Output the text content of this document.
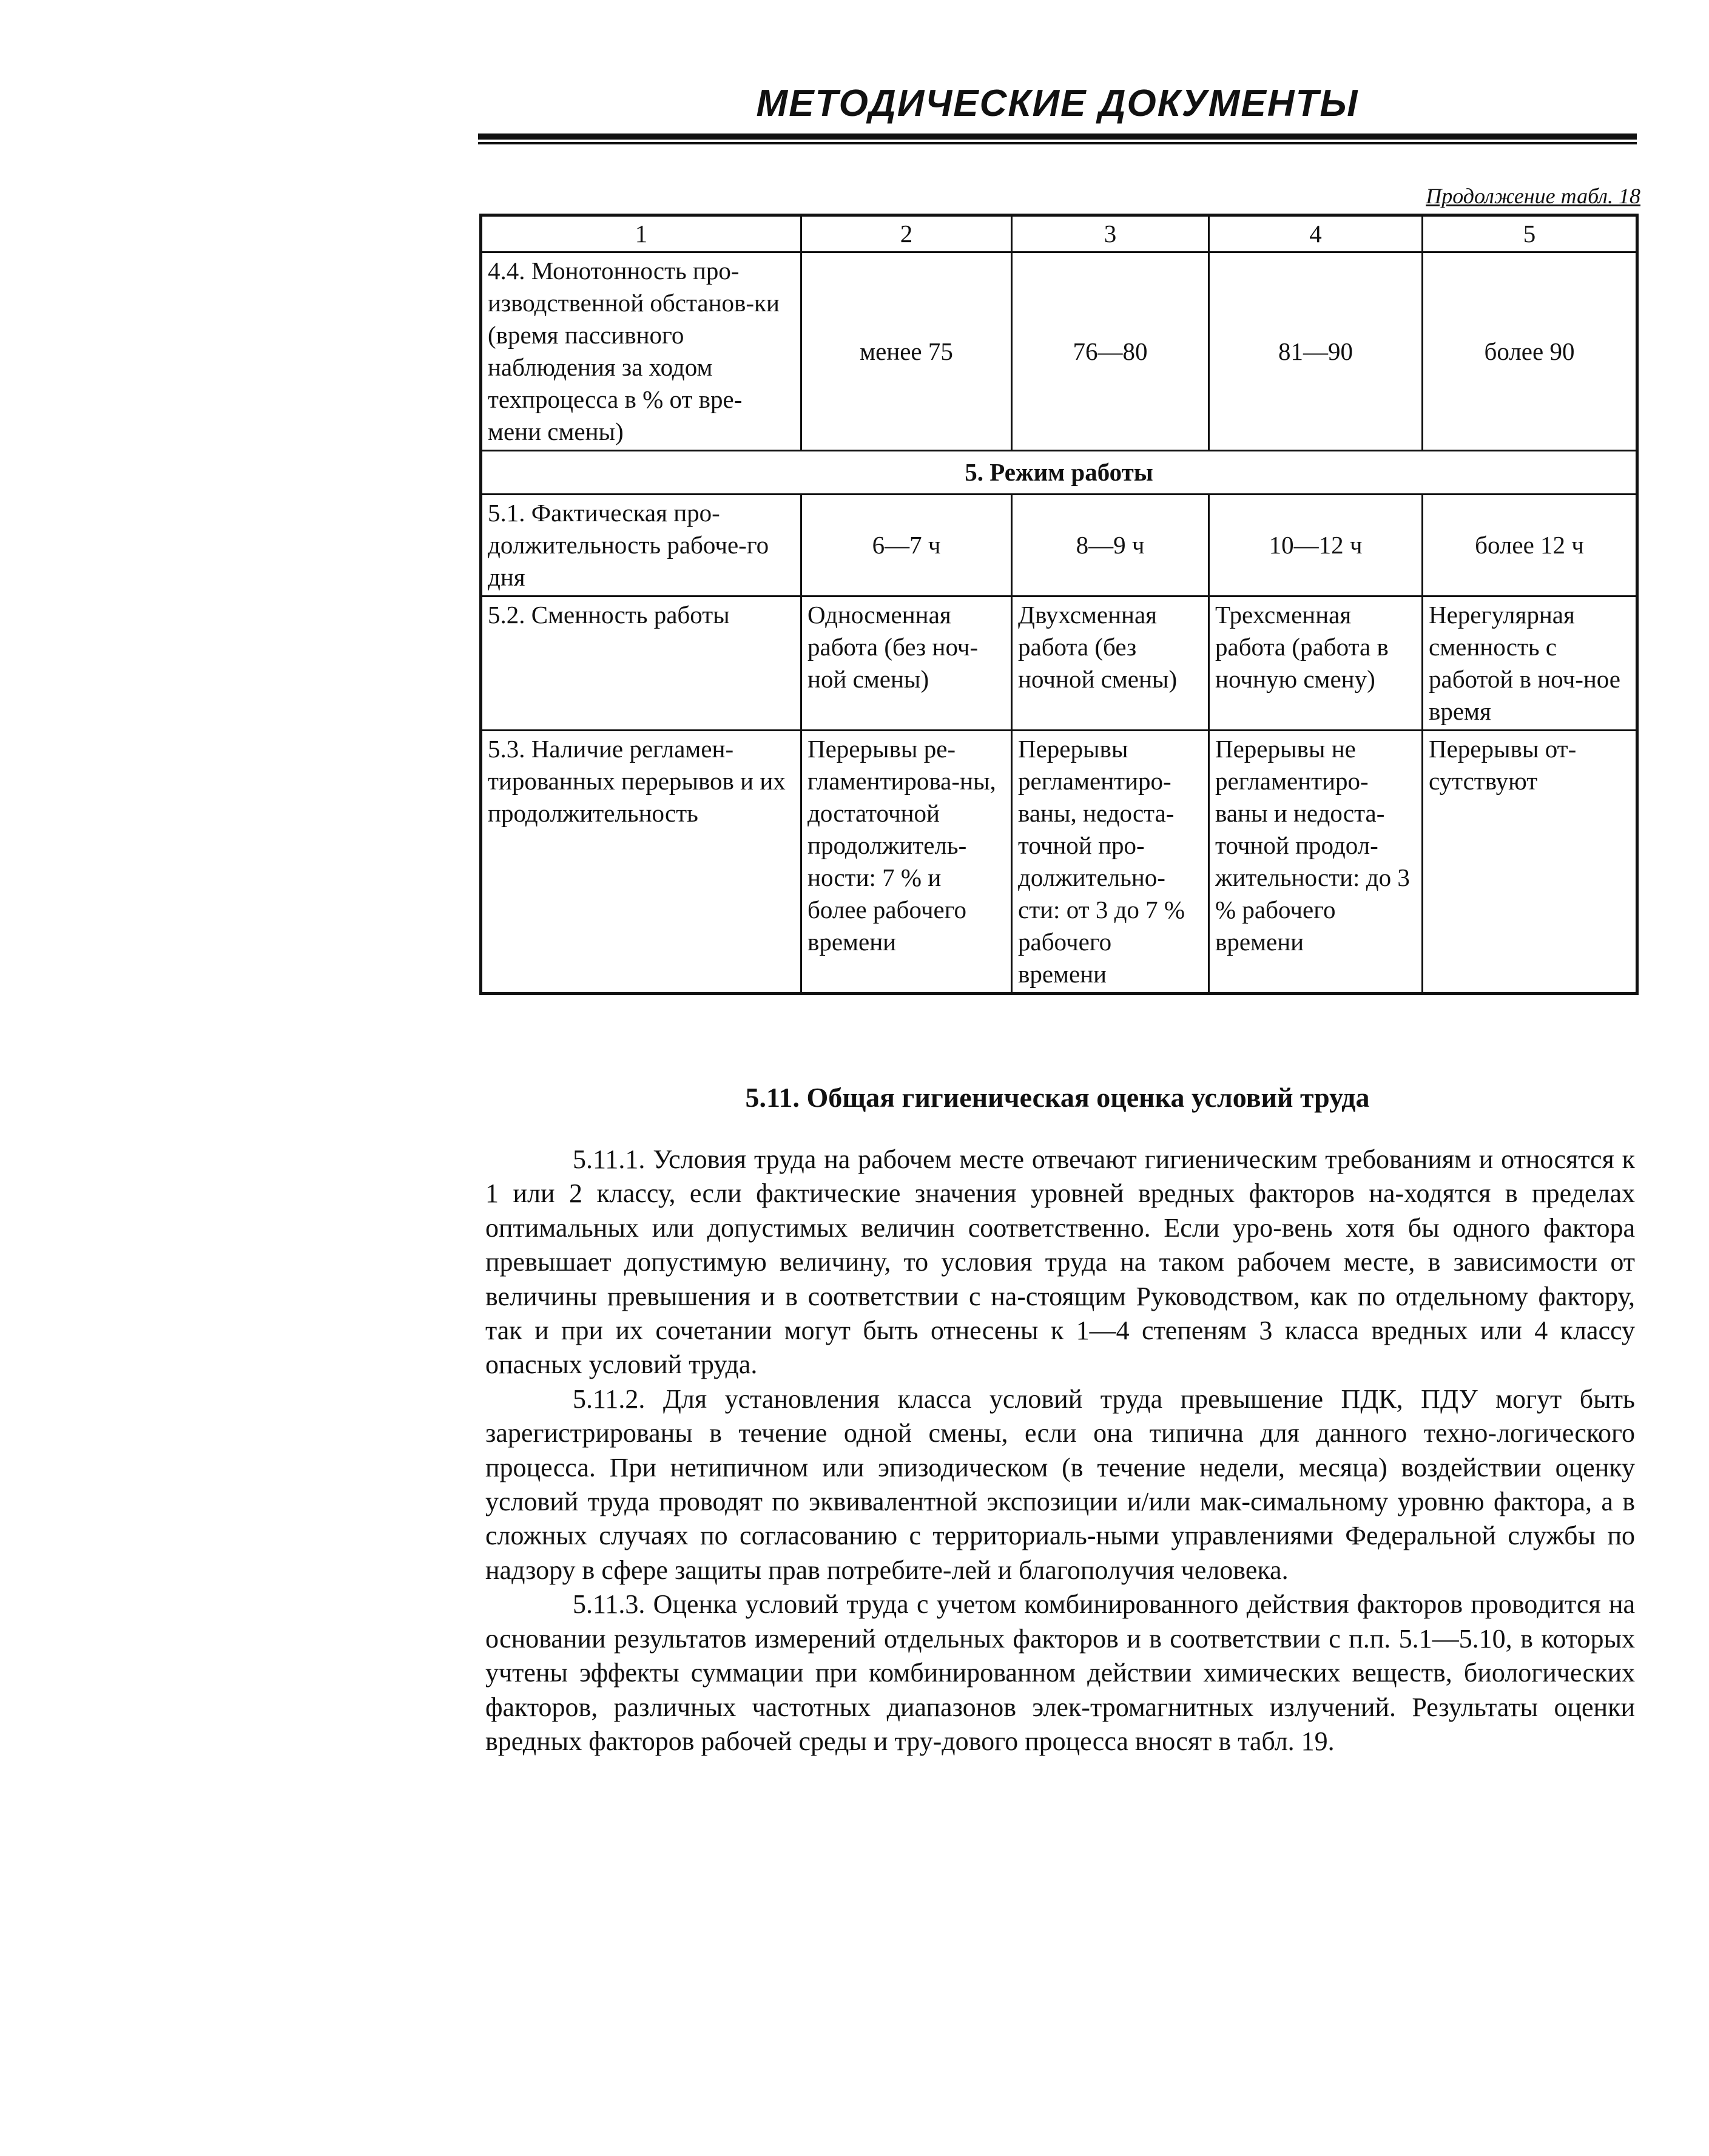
МЕТОДИЧЕСКИЕ ДОКУМЕНТЫ
Продолжение табл. 18
1	2	3	4	5
4.4. Монотонность про-изводственной обстанов-ки (время пассивного наблюдения за ходом техпроцесса в % от вре-мени смены)	менее 75	76—80	81—90	более 90
5. Режим работы				
5.1. Фактическая про-должительность рабоче-го дня	6—7 ч	8—9 ч	10—12 ч	более 12 ч
5.2. Сменность работы	Односменная работа (без ноч-ной смены)	Двухсменная работа (без ночной смены)	Трехсменная работа (работа в ночную смену)	Нерегулярная сменность с работой в ноч-ное время
5.3. Наличие регламен-тированных перерывов и их продолжительность	Перерывы ре-гламентирова-ны, достаточной продолжитель-ности: 7 % и более рабочего времени	Перерывы регламентиро-ваны, недоста-точной про-должительно-сти: от 3 до 7 % рабочего времени	Перерывы не регламентиро-ваны и недоста-точной продол-жительности: до 3 % рабочего времени	Перерывы от-сутствуют
5.11. Общая гигиеническая оценка условий труда

5.11.1. Условия труда на рабочем месте отвечают гигиеническим требованиям и относятся к 1 или 2 классу, если фактические значения уровней вредных факторов на-ходятся в пределах оптимальных или допустимых величин соответственно. Если уро-вень хотя бы одного фактора превышает допустимую величину, то условия труда на таком рабочем месте, в зависимости от величины превышения и в соответствии с на-стоящим Руководством, как по отдельному фактору, так и при их сочетании могут быть отнесены к 1—4 степеням 3 класса вредных или 4 классу опасных условий труда.

5.11.2. Для установления класса условий труда превышение ПДК, ПДУ могут быть зарегистрированы в течение одной смены, если она типична для данного техно-логического процесса. При нетипичном или эпизодическом (в течение недели, месяца) воздействии оценку условий труда проводят по эквивалентной экспозиции и/или мак-симальному уровню фактора, а в сложных случаях по согласованию с территориаль-ными управлениями Федеральной службы по надзору в сфере защиты прав потребите-лей и благополучия человека.

5.11.3. Оценка условий труда с учетом комбинированного действия факторов проводится на основании результатов измерений отдельных факторов и в соответствии с п.п. 5.1—5.10, в которых учтены эффекты суммации при комбинированном действии химических веществ, биологических факторов, различных частотных диапазонов элек-тромагнитных излучений. Результаты оценки вредных факторов рабочей среды и тру-дового процесса вносят в табл. 19.
